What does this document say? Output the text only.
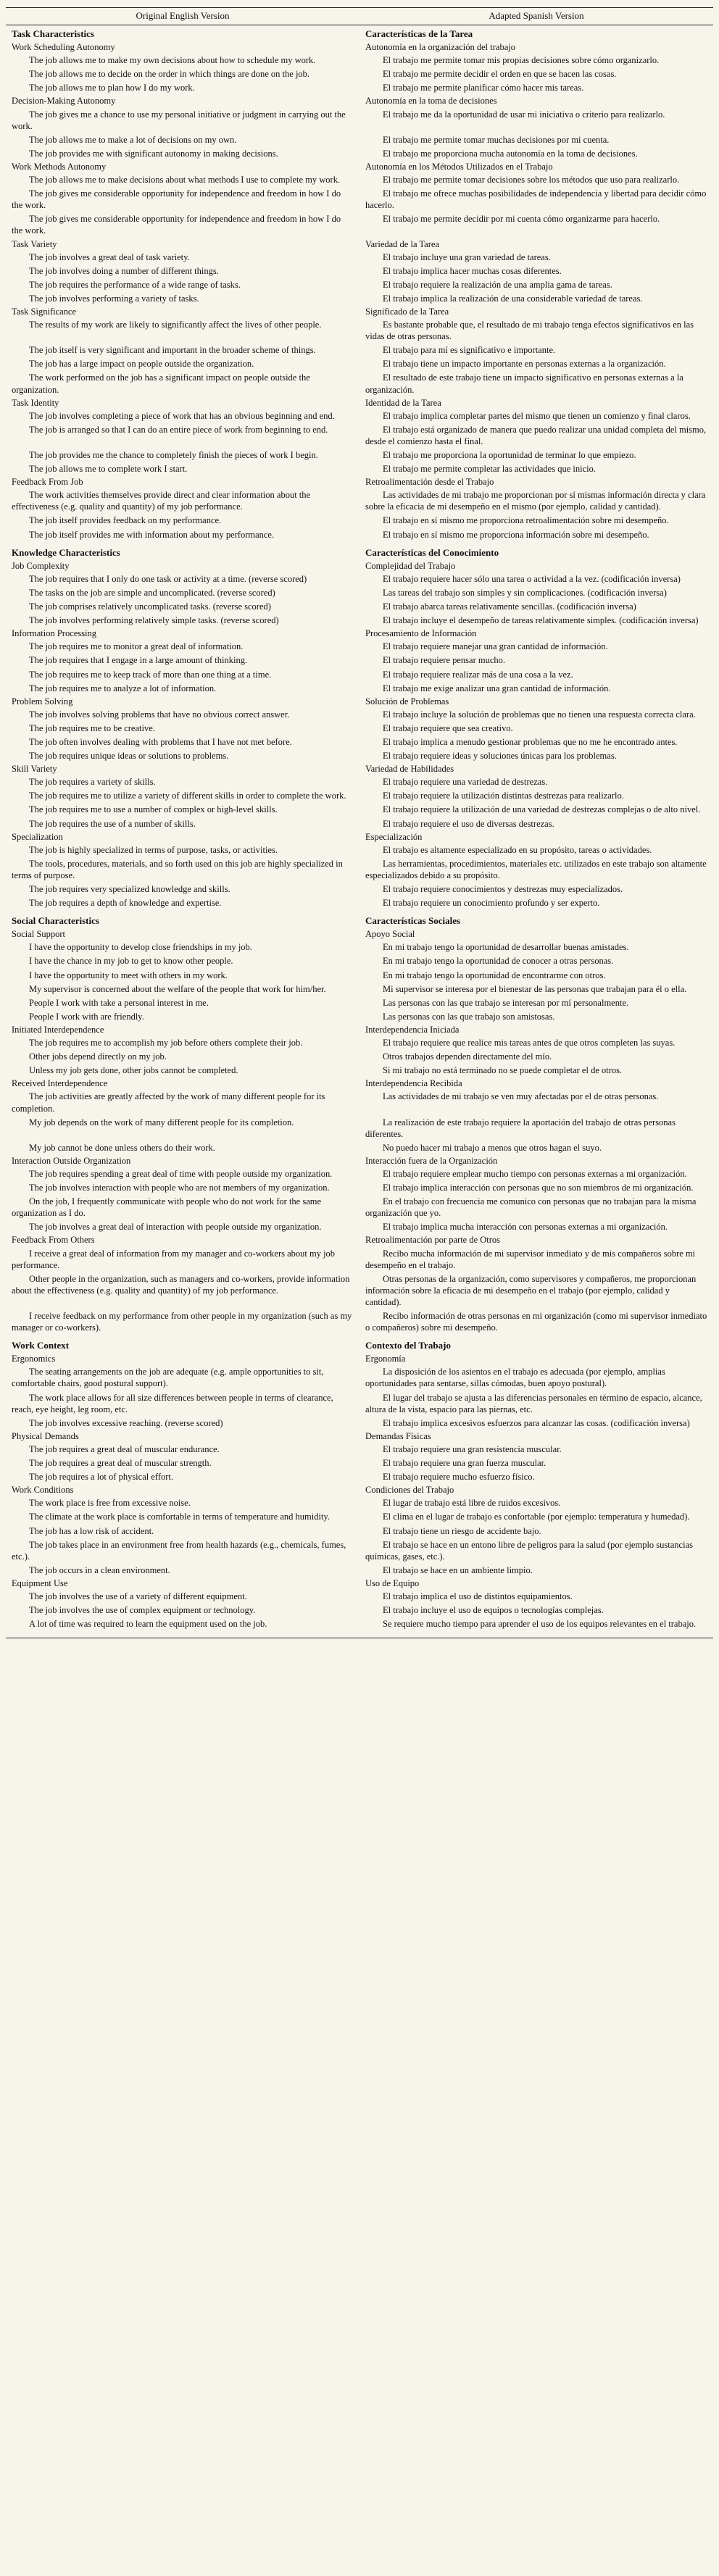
Original English Version	Adapted Spanish Version
Task Characteristics	Características de la Tarea
Work Scheduling Autonomy	Autonomía en la organización del trabajo

The job allows me to make my own decisions about how to schedule my work.	El trabajo me permite tomar mis propias decisiones sobre cómo organizarlo.

The job allows me to decide on the order in which things are done on the job.	El trabajo me permite decidir el orden en que se hacen las cosas.

The job allows me to plan how I do my work.	El trabajo me permite planificar cómo hacer mis tareas.

Decision-Making Autonomy	Autonomía en la toma de decisiones

The job gives me a chance to use my personal initiative or judgment in carrying out the work.	El trabajo me da la oportunidad de usar mi iniciativa o criterio para realizarlo.

The job allows me to make a lot of decisions on my own.	El trabajo me permite tomar muchas decisiones por mi cuenta.

The job provides me with significant autonomy in making decisions.	El trabajo me proporciona mucha autonomía en la toma de decisiones.

Work Methods Autonomy	Autonomía en los Métodos Utilizados en el Trabajo

The job allows me to make decisions about what methods I use to complete my work.	El trabajo me permite tomar decisiones sobre los métodos que uso para realizarlo.

The job gives me considerable opportunity for independence and freedom in how I do the work.	El trabajo me ofrece muchas posibilidades de independencia y libertad para decidir cómo hacerlo.

The job gives me considerable opportunity for independence and freedom in how I do the work.	El trabajo me permite decidir por mi cuenta cómo organizarme para hacerlo.

Task Variety	Variedad de la Tarea

The job involves a great deal of task variety.	El trabajo incluye una gran variedad de tareas.

The job involves doing a number of different things.	El trabajo implica hacer muchas cosas diferentes.

The job requires the performance of a wide range of tasks.	El trabajo requiere la realización de una amplia gama de tareas.

The job involves performing a variety of tasks.	El trabajo implica la realización de una considerable variedad de tareas.

Task Significance	Significado de la Tarea

The results of my work are likely to significantly affect the lives of other people.	Es bastante probable que, el resultado de mi trabajo tenga efectos significativos en las vidas de otras personas.

The job itself is very significant and important in the broader scheme of things.	El trabajo para mí es significativo e importante.

The job has a large impact on people outside the organization.	El trabajo tiene un impacto importante en personas externas a la organización.

The work performed on the job has a significant impact on people outside the organization.	El resultado de este trabajo tiene un impacto significativo en personas externas a la organización.

Task Identity	Identidad de la Tarea

The job involves completing a piece of work that has an obvious beginning and end.	El trabajo implica completar partes del mismo que tienen un comienzo y final claros.

The job is arranged so that I can do an entire piece of work from beginning to end.	El trabajo está organizado de manera que puedo realizar una unidad completa del mismo, desde el comienzo hasta el final.

The job provides me the chance to completely finish the pieces of work I begin.	El trabajo me proporciona la oportunidad de terminar lo que empiezo.

The job allows me to complete work I start.	El trabajo me permite completar las actividades que inicio.

Feedback From Job	Retroalimentación desde el Trabajo

The work activities themselves provide direct and clear information about the effectiveness (e.g. quality and quantity) of my job performance.	Las actividades de mi trabajo me proporcionan por sí mismas información directa y clara sobre la eficacia de mi desempeño en el mismo (por ejemplo, calidad y cantidad).

The job itself provides feedback on my performance.	El trabajo en sí mismo me proporciona retroalimentación sobre mi desempeño.

The job itself provides me with information about my performance.	El trabajo en sí mismo me proporciona información sobre mi desempeño.

Knowledge Characteristics	Características del Conocimiento
Job Complexity	Complejidad del Trabajo

The job requires that I only do one task or activity at a time. (reverse scored)	El trabajo requiere hacer sólo una tarea o actividad a la vez. (codificación inversa)

The tasks on the job are simple and uncomplicated. (reverse scored)	Las tareas del trabajo son simples y sin complicaciones. (codificación inversa)

The job comprises relatively uncomplicated tasks. (reverse scored)	El trabajo abarca tareas relativamente sencillas. (codificación inversa)

The job involves performing relatively simple tasks. (reverse scored)	El trabajo incluye el desempeño de tareas relativamente simples. (codificación inversa)

Information Processing	Procesamiento de Información

The job requires me to monitor a great deal of information.	El trabajo requiere manejar una gran cantidad de información.

The job requires that I engage in a large amount of thinking.	El trabajo requiere pensar mucho.

The job requires me to keep track of more than one thing at a time.	El trabajo requiere realizar más de una cosa a la vez.

The job requires me to analyze a lot of information.	El trabajo me exige analizar una gran cantidad de información.

Problem Solving	Solución de Problemas

The job involves solving problems that have no obvious correct answer.	El trabajo incluye la solución de problemas que no tienen una respuesta correcta clara.

The job requires me to be creative.	El trabajo requiere que sea creativo.

The job often involves dealing with problems that I have not met before.	El trabajo implica a menudo gestionar problemas que no me he encontrado antes.

The job requires unique ideas or solutions to problems.	El trabajo requiere ideas y soluciones únicas para los problemas.

Skill Variety	Variedad de Habilidades

The job requires a variety of skills.	El trabajo requiere una variedad de destrezas.

The job requires me to utilize a variety of different skills in order to complete the work.	El trabajo requiere la utilización distintas destrezas para realizarlo.

The job requires me to use a number of complex or high-level skills.	El trabajo requiere la utilización de una variedad de destrezas complejas o de alto nivel.

The job requires the use of a number of skills.	El trabajo requiere el uso de diversas destrezas.

Specialization	Especialización

The job is highly specialized in terms of purpose, tasks, or activities.	El trabajo es altamente especializado en su propósito, tareas o actividades.

The tools, procedures, materials, and so forth used on this job are highly specialized in terms of purpose.	Las herramientas, procedimientos, materiales etc. utilizados en este trabajo son altamente especializados debido a su propósito.

The job requires very specialized knowledge and skills.	El trabajo requiere conocimientos y destrezas muy especializados.

The job requires a depth of knowledge and expertise.	El trabajo requiere un conocimiento profundo y ser experto.

Social Characteristics	Características Sociales
Social Support	Apoyo Social

I have the opportunity to develop close friendships in my job.	En mi trabajo tengo la oportunidad de desarrollar buenas amistades.

I have the chance in my job to get to know other people.	En mi trabajo tengo la oportunidad de conocer a otras personas.

I have the opportunity to meet with others in my work.	En mi trabajo tengo la oportunidad de encontrarme con otros.

My supervisor is concerned about the welfare of the people that work for him/her.	Mi supervisor se interesa por el bienestar de las personas que trabajan para él o ella.

People I work with take a personal interest in me.	Las personas con las que trabajo se interesan por mí personalmente.

People I work with are friendly.	Las personas con las que trabajo son amistosas.

Initiated Interdependence	Interdependencia Iniciada

The job requires me to accomplish my job before others complete their job.	El trabajo requiere que realice mis tareas antes de que otros completen las suyas.

Other jobs depend directly on my job.	Otros trabajos dependen directamente del mío.

Unless my job gets done, other jobs cannot be completed.	Si mi trabajo no está terminado no se puede completar el de otros.

Received Interdependence	Interdependencia Recibida

The job activities are greatly affected by the work of many different people for its completion.	Las actividades de mi trabajo se ven muy afectadas por el de otras personas.

My job depends on the work of many different people for its completion.	La realización de este trabajo requiere la aportación del trabajo de otras personas diferentes.

My job cannot be done unless others do their work.	No puedo hacer mi trabajo a menos que otros hagan el suyo.

Interaction Outside Organization	Interacción fuera de la Organización

The job requires spending a great deal of time with people outside my organization.	El trabajo requiere emplear mucho tiempo con personas externas a mi organización.

The job involves interaction with people who are not members of my organization.	El trabajo implica interacción con personas que no son miembros de mi organización.

On the job, I frequently communicate with people who do not work for the same organization as I do.	En el trabajo con frecuencia me comunico con personas que no trabajan para la misma organización que yo.

The job involves a great deal of interaction with people outside my organization.	El trabajo implica mucha interacción con personas externas a mi organización.

Feedback From Others	Retroalimentación por parte de Otros

I receive a great deal of information from my manager and co-workers about my job performance.	Recibo mucha información de mi supervisor inmediato y de mis compañeros sobre mi desempeño en el trabajo.

Other people in the organization, such as managers and co-workers, provide information about the effectiveness (e.g. quality and quantity) of my job performance.	Otras personas de la organización, como supervisores y compañeros, me proporcionan información sobre la eficacia de mi desempeño en el trabajo (por ejemplo, calidad y cantidad).

I receive feedback on my performance from other people in my organization (such as my manager or co-workers).	Recibo información de otras personas en mi organización (como mi supervisor inmediato o compañeros) sobre mi desempeño.

Work Context	Contexto del Trabajo
Ergonomics	Ergonomía

The seating arrangements on the job are adequate (e.g. ample opportunities to sit, comfortable chairs, good postural support).	La disposición de los asientos en el trabajo es adecuada (por ejemplo, amplias oportunidades para sentarse, sillas cómodas, buen apoyo postural).

The work place allows for all size differences between people in terms of clearance, reach, eye height, leg room, etc.	El lugar del trabajo se ajusta a las diferencias personales en término de espacio, alcance, altura de la vista, espacio para las piernas, etc.

The job involves excessive reaching. (reverse scored)	El trabajo implica excesivos esfuerzos para alcanzar las cosas. (codificación inversa)

Physical Demands	Demandas Físicas

The job requires a great deal of muscular endurance.	El trabajo requiere una gran resistencia muscular.

The job requires a great deal of muscular strength.	El trabajo requiere una gran fuerza muscular.

The job requires a lot of physical effort.	El trabajo requiere mucho esfuerzo físico.

Work Conditions	Condiciones del Trabajo

The work place is free from excessive noise.	El lugar de trabajo está libre de ruidos excesivos.

The climate at the work place is comfortable in terms of temperature and humidity.	El clima en el lugar de trabajo es confortable (por ejemplo: temperatura y humedad).

The job has a low risk of accident.	El trabajo tiene un riesgo de accidente bajo.

The job takes place in an environment free from health hazards (e.g., chemicals, fumes, etc.).	El trabajo se hace en un entono libre de peligros para la salud (por ejemplo sustancias químicas, gases, etc.).

The job occurs in a clean environment.	El trabajo se hace en un ambiente limpio.

Equipment Use	Uso de Equipo

The job involves the use of a variety of different equipment.	El trabajo implica el uso de distintos equipamientos.

The job involves the use of complex equipment or technology.	El trabajo incluye el uso de equipos o tecnologías complejas.

A lot of time was required to learn the equipment used on the job.	Se requiere mucho tiempo para aprender el uso de los equipos relevantes en el trabajo.
